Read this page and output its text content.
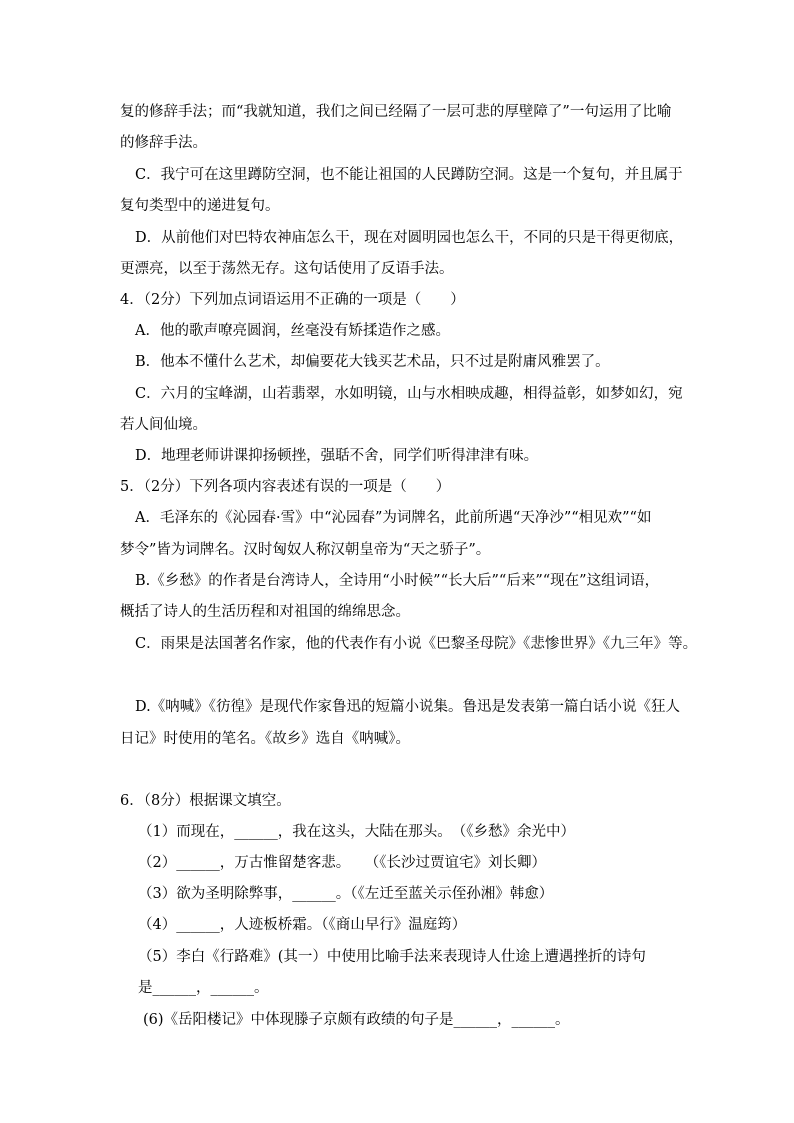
复的修辞手法；而“我就知道，我们之间已经隔了一层可悲的厚壁障了”一句运用了比喻
的修辞手法。
C．我宁可在这里蹲防空洞，也不能让祖国的人民蹲防空洞。这是一个复句，并且属于
复句类型中的递进复句。
D．从前他们对巴特农神庙怎么干，现在对圆明园也怎么干，不同的只是干得更彻底，
更漂亮，以至于荡然无存。这句话使用了反语手法。
4．（2分）下列加点词语运用不正确的一项是（　　）
A．他的歌声嘹亮圆润，丝毫没有矫揉造作之感。
B．他本不懂什么艺术，却偏要花大钱买艺术品，只不过是附庸风雅罢了。
C．六月的宝峰湖，山若翡翠，水如明镜，山与水相映成趣，相得益彰，如梦如幻，宛
若人间仙境。
D．地理老师讲课抑扬顿挫，强聒不舍，同学们听得津津有味。
5．（2分）下列各项内容表述有误的一项是（　　）
A．毛泽东的《沁园春·雪》中“沁园春”为词牌名，此前所遇“天净沙”“相见欢”“如
梦令”皆为词牌名。汉时匈奴人称汉朝皇帝为“天之骄子”。
B.《乡愁》的作者是台湾诗人，全诗用“小时候”“长大后”“后来”“现在”这组词语，
概括了诗人的生活历程和对祖国的绵绵思念。
C．雨果是法国著名作家，他的代表作有小说《巴黎圣母院》《悲惨世界》《九三年》等。
D.《呐喊》《彷徨》是现代作家鲁迅的短篇小说集。鲁迅是发表第一篇白话小说《狂人
日记》时使用的笔名。《故乡》选自《呐喊》。
6．（8分）根据课文填空。
（1）而现在，______，我在这头，大陆在那头。　（《乡愁》余光中）
（2）______，万古惟留楚客悲。　　（《长沙过贾谊宅》刘长卿）
（3）欲为圣明除弊事，______。（《左迁至蓝关示侄孙湘》韩愈）
（4）______，人迹板桥霜。（《商山早行》温庭筠）
（5）李白《行路难》(其一）中使用比喻手法来表现诗人仕途上遭遇挫折的诗句
是______，______。
(6)《岳阳楼记》中体现滕子京颇有政绩的句子是______，______。
